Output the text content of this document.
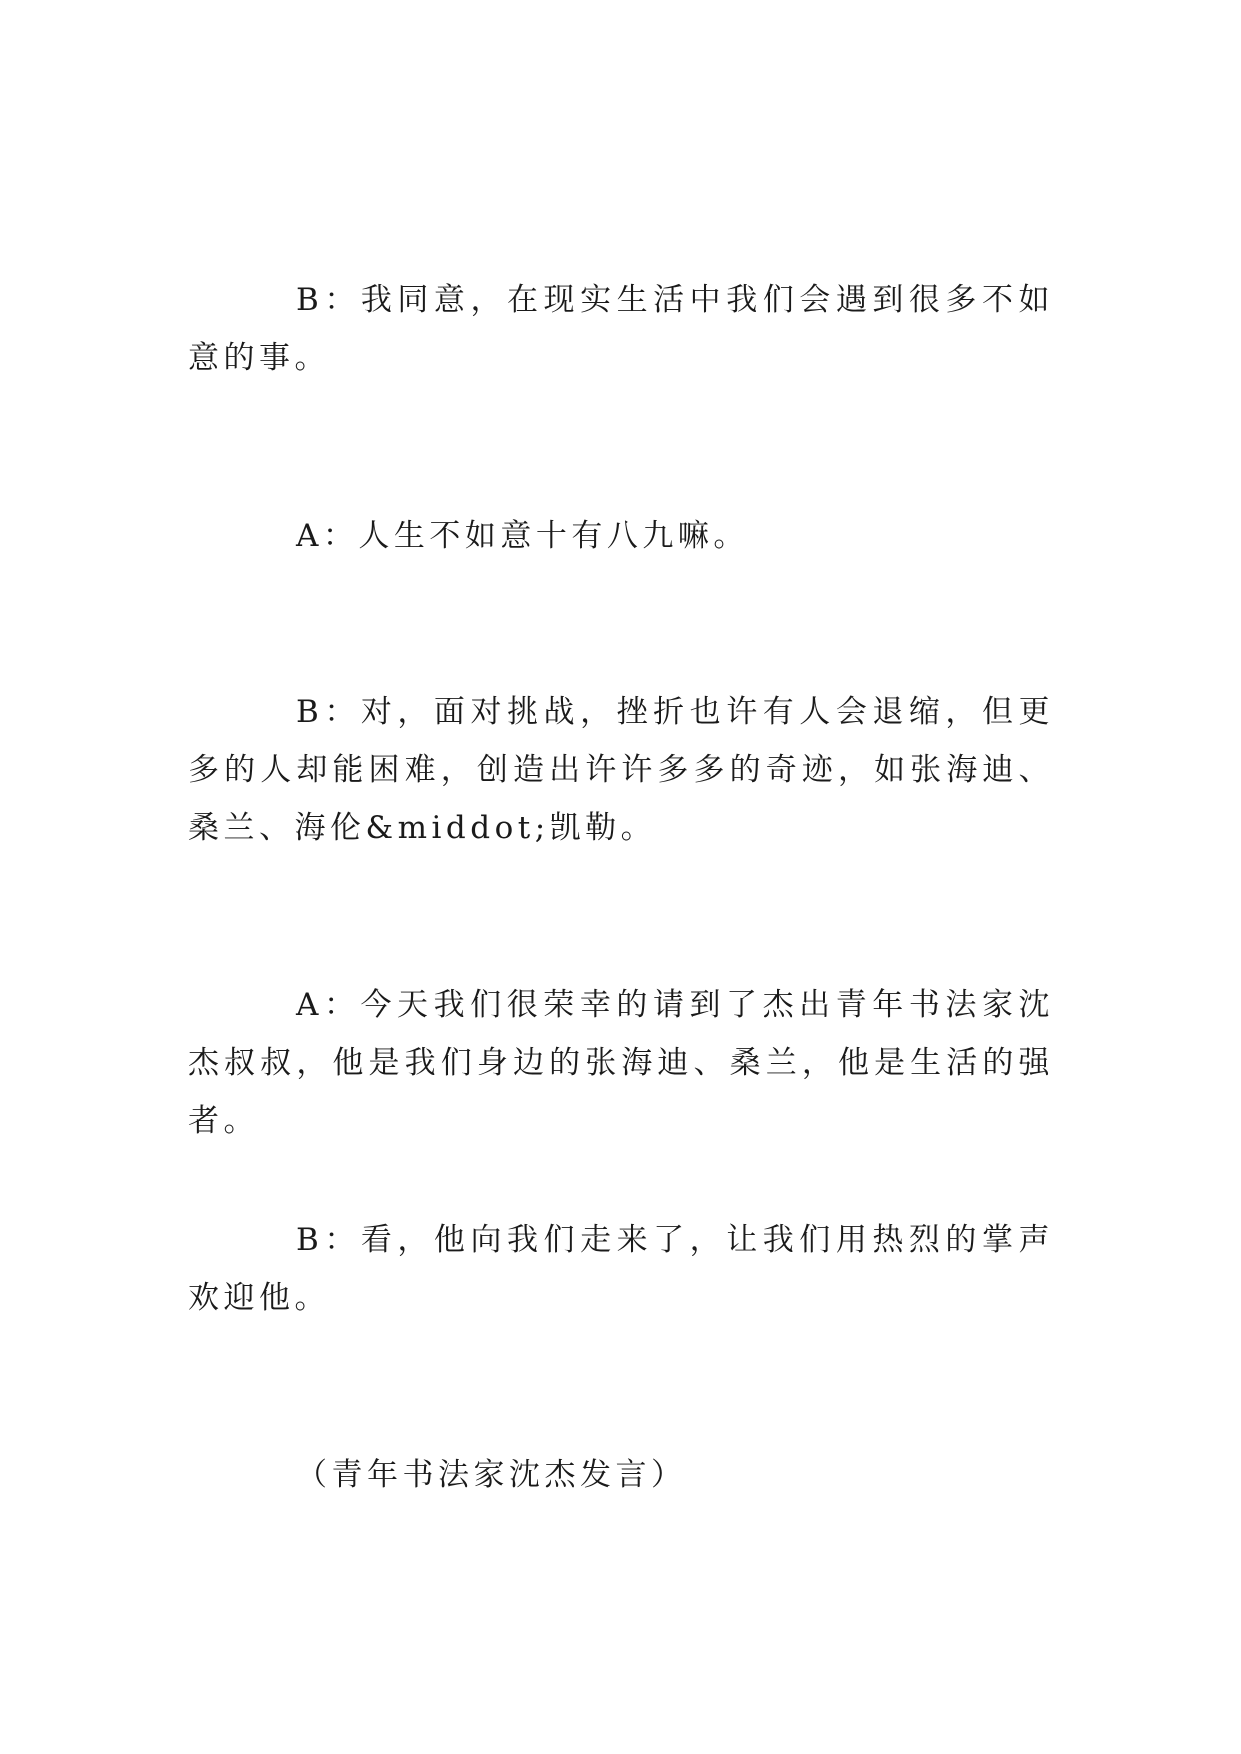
B：我同意，在现实生活中我们会遇到很多不如意的事。

A：人生不如意十有八九嘛。

B：对，面对挑战，挫折也许有人会退缩，但更多的人却能困难，创造出许许多多的奇迹，如张海迪、桑兰、海伦&middot;凯勒。

A：今天我们很荣幸的请到了杰出青年书法家沈杰叔叔，他是我们身边的张海迪、桑兰，他是生活的强者。

B：看，他向我们走来了，让我们用热烈的掌声欢迎他。

（青年书法家沈杰发言）
